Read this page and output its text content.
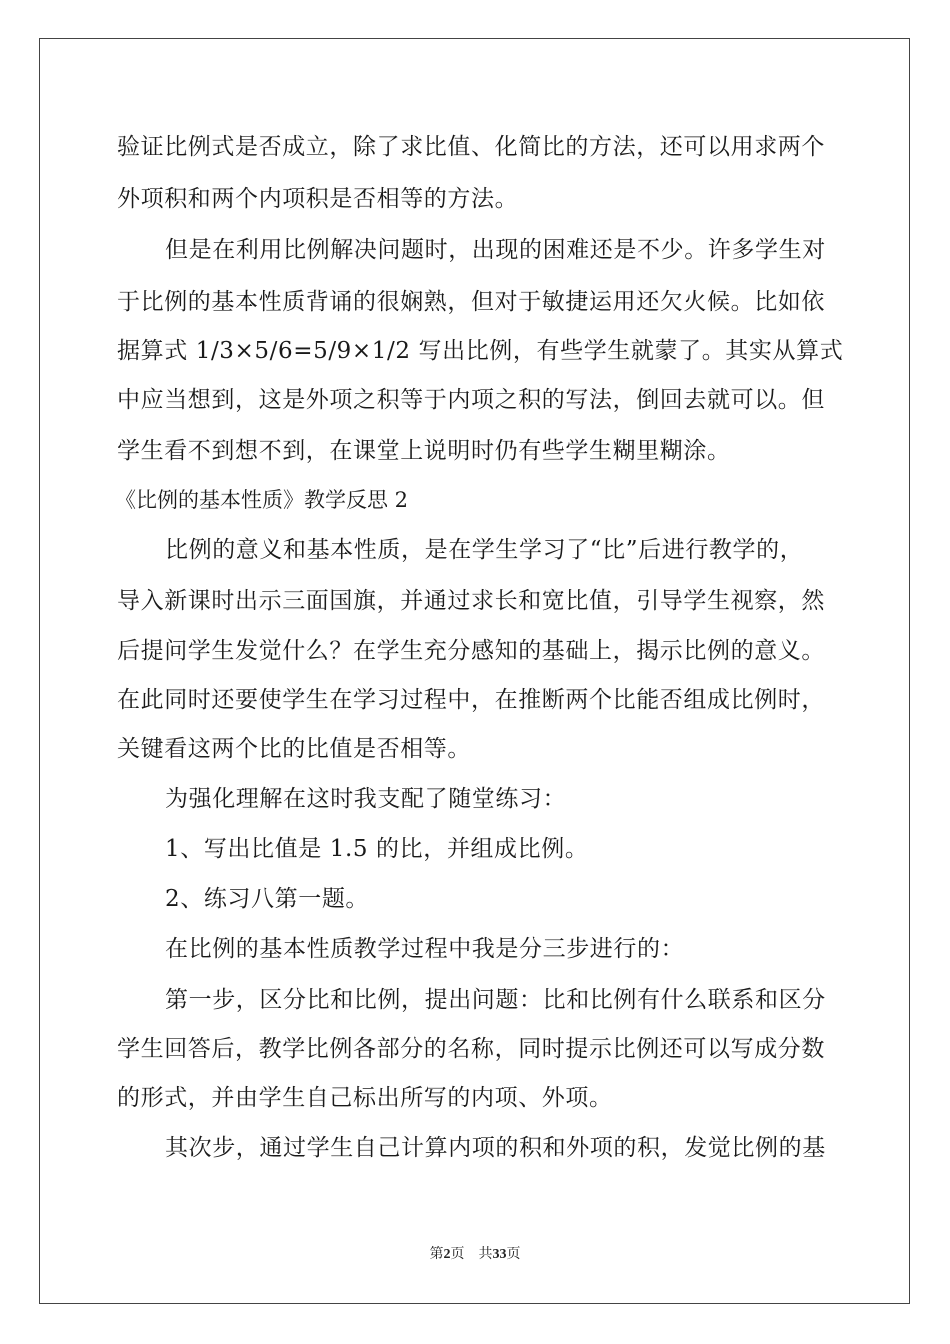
验证比例式是否成立，除了求比值、化简比的方法，还可以用求两个
外项积和两个内项积是否相等的方法。
但是在利用比例解决问题时，出现的困难还是不少。许多学生对
于比例的基本性质背诵的很娴熟，但对于敏捷运用还欠火候。比如依
据算式 1/3×5/6=5/9×1/2 写出比例，有些学生就蒙了。其实从算式
中应当想到，这是外项之积等于内项之积的写法，倒回去就可以。但
学生看不到想不到，在课堂上说明时仍有些学生糊里糊涂。
《比例的基本性质》教学反思 2
比例的意义和基本性质，是在学生学习了“比”后进行教学的，
导入新课时出示三面国旗，并通过求长和宽比值，引导学生视察，然
后提问学生发觉什么？在学生充分感知的基础上，揭示比例的意义。
在此同时还要使学生在学习过程中，在推断两个比能否组成比例时，
关键看这两个比的比值是否相等。
为强化理解在这时我支配了随堂练习：
1、写出比值是 1.5 的比，并组成比例。
2、练习八第一题。
在比例的基本性质教学过程中我是分三步进行的：
第一步，区分比和比例，提出问题：比和比例有什么联系和区分
学生回答后，教学比例各部分的名称，同时提示比例还可以写成分数
的形式，并由学生自己标出所写的内项、外项。
其次步，通过学生自己计算内项的积和外项的积，发觉比例的基
第2页 共33页
